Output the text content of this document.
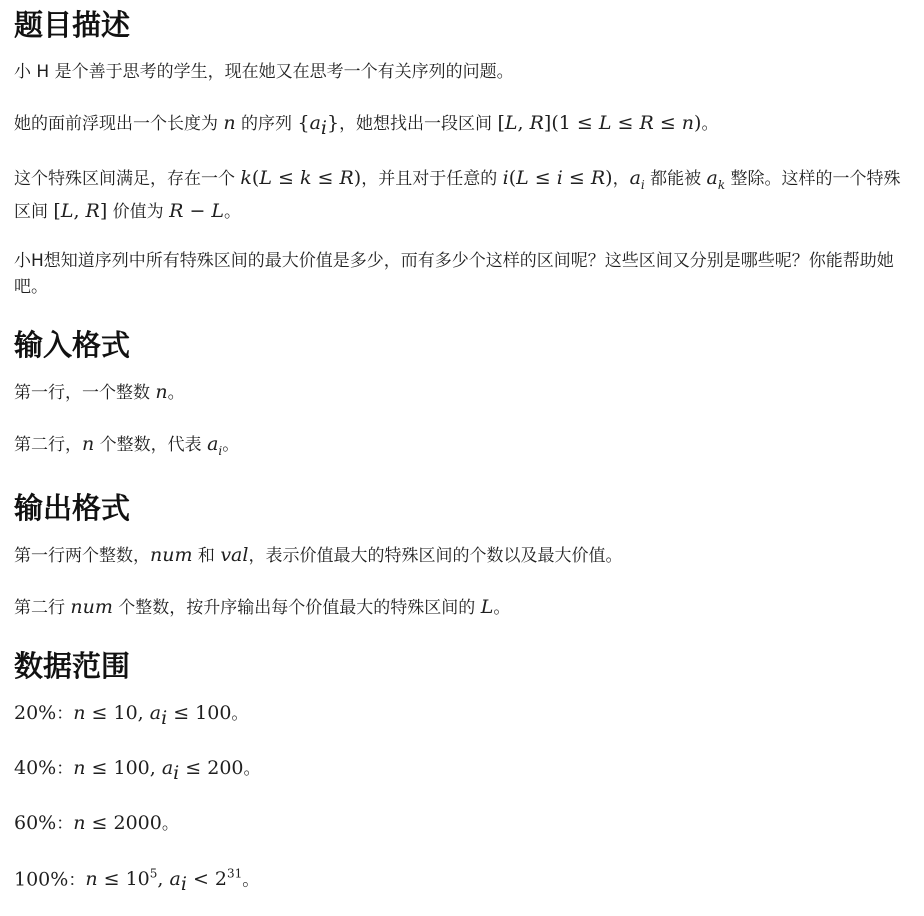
题目描述

小 H 是个善于思考的学生，现在她又在思考一个有关序列的问题。

她的面前浮现出一个长度为 n 的序列 $\{a_i\}$，她想找出一段区间 [L, R](1 ≤ L ≤ R ≤ n)。

这个特殊区间满足，存在一个 k(L ≤ k ≤ R)，并且对于任意的 i(L ≤ i ≤ R)，$a_i$ 都能被 $a_k$ 整除。这样的一个特殊区间 [L, R] 价值为 R − L。

小H想知道序列中所有特殊区间的最大价值是多少，而有多少个这样的区间呢？这些区间又分别是哪些呢？你能帮助她吧。

输入格式

第一行，一个整数 n。

第二行，n 个整数，代表 $a_i$。

输出格式

第一行两个整数，num 和 val，表示价值最大的特殊区间的个数以及最大价值。

第二行 num 个整数，按升序输出每个价值最大的特殊区间的 L。

数据范围

20%：n ≤ 10, $a_i \le 100$。

40%：n ≤ 100, $a_i \le 200$。

60%：n ≤ 2000。

100%：$n \le 10^5$, $a_i < 2^{31}$。
